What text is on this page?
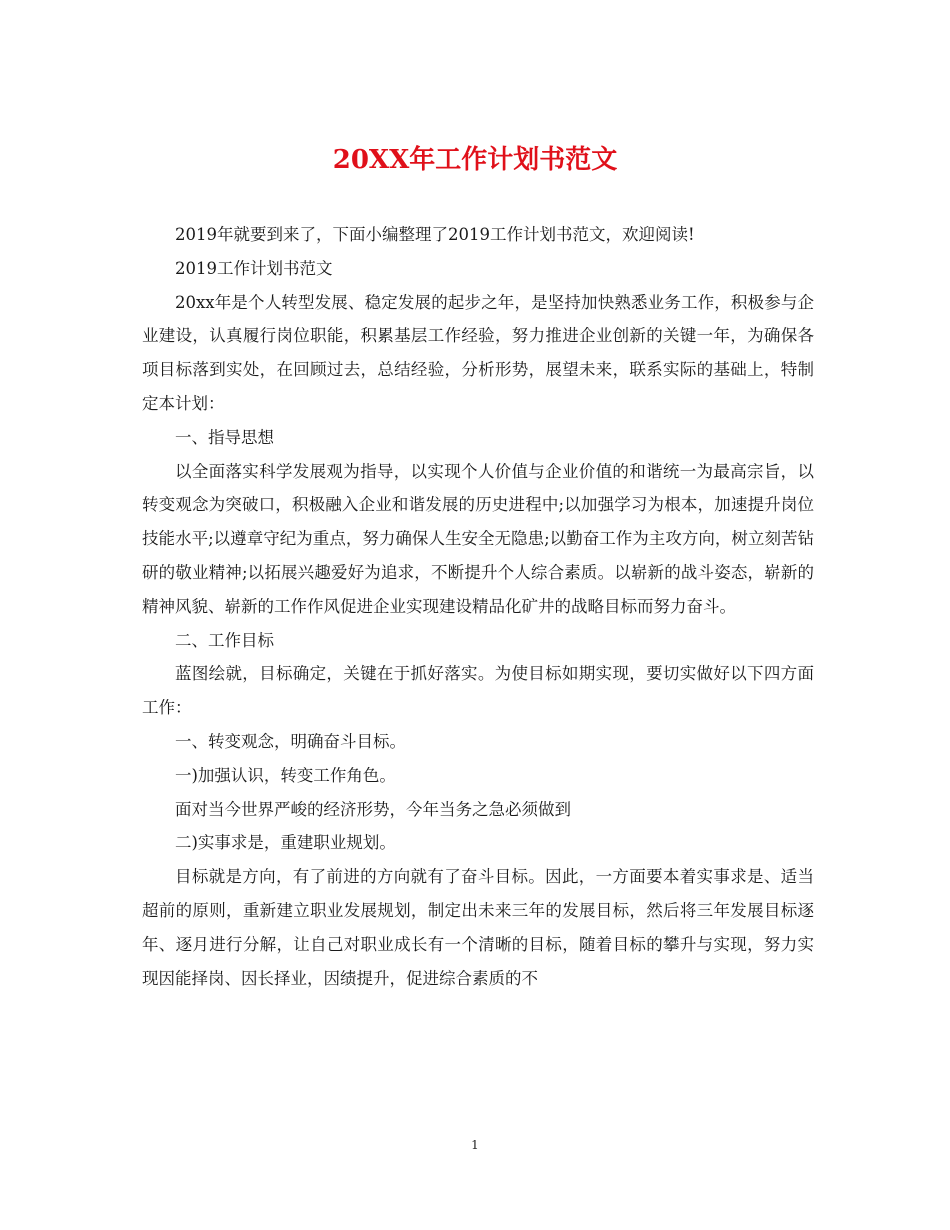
20XX年工作计划书范文

2019年就要到来了，下面小编整理了2019工作计划书范文，欢迎阅读!

2019工作计划书范文

20xx年是个人转型发展、稳定发展的起步之年，是坚持加快熟悉业务工作，积极参与企业建设，认真履行岗位职能，积累基层工作经验，努力推进企业创新的关键一年，为确保各项目标落到实处，在回顾过去，总结经验，分析形势，展望未来，联系实际的基础上，特制定本计划：

一、指导思想

以全面落实科学发展观为指导，以实现个人价值与企业价值的和谐统一为最高宗旨，以转变观念为突破口，积极融入企业和谐发展的历史进程中;以加强学习为根本，加速提升岗位技能水平;以遵章守纪为重点，努力确保人生安全无隐患;以勤奋工作为主攻方向，树立刻苦钻研的敬业精神;以拓展兴趣爱好为追求，不断提升个人综合素质。以崭新的战斗姿态，崭新的精神风貌、崭新的工作作风促进企业实现建设精品化矿井的战略目标而努力奋斗。

二、工作目标

蓝图绘就，目标确定，关键在于抓好落实。为使目标如期实现，要切实做好以下四方面工作：

一、转变观念，明确奋斗目标。

一)加强认识，转变工作角色。

面对当今世界严峻的经济形势，今年当务之急必须做到

二)实事求是，重建职业规划。

目标就是方向，有了前进的方向就有了奋斗目标。因此，一方面要本着实事求是、适当超前的原则，重新建立职业发展规划，制定出未来三年的发展目标，然后将三年发展目标逐年、逐月进行分解，让自己对职业成长有一个清晰的目标，随着目标的攀升与实现，努力实现因能择岗、因长择业，因绩提升，促进综合素质的不

1
